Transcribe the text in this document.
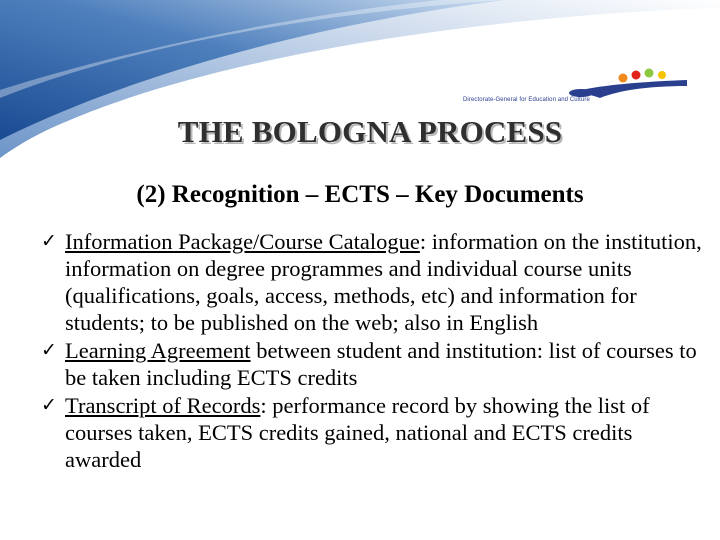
Directorate-General for Education and Culture
THE BOLOGNA PROCESS
(2) Recognition – ECTS – Key Documents
✓ Information Package/Course Catalogue: information on the institution, information on degree programmes and individual course units (qualifications, goals, access, methods, etc) and information for students; to be published on the web; also in English
✓ Learning Agreement between student and institution: list of courses to be taken including ECTS credits
✓ Transcript of Records: performance record by showing the list of courses taken, ECTS credits gained, national and ECTS credits awarded
